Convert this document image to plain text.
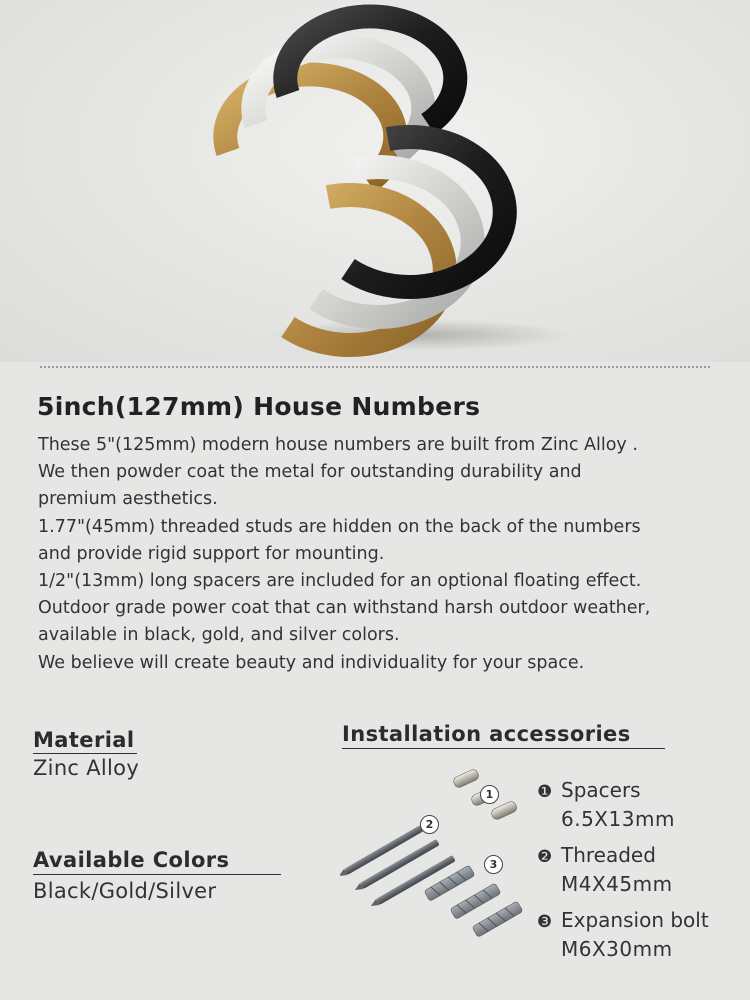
5inch(127mm) House Numbers

These 5"(125mm) modern house numbers are built from Zinc Alloy .

We then powder coat the metal for outstanding durability and

premium aesthetics.

1.77"(45mm) threaded studs are hidden on the back of the numbers

and provide rigid support for mounting.

1/2"(13mm) long spacers are included for an optional floating effect.

Outdoor grade power coat that can withstand harsh outdoor weather,

available in black, gold, and silver colors.

We believe will create beauty and individuality for your space.

Material
Zinc Alloy
Available Colors
Black/Gold/Silver
Installation accessories
1
2
3
❶ Spacers
6.5X13mm
❷ Threaded
M4X45mm
❸ Expansion bolt
M6X30mm
